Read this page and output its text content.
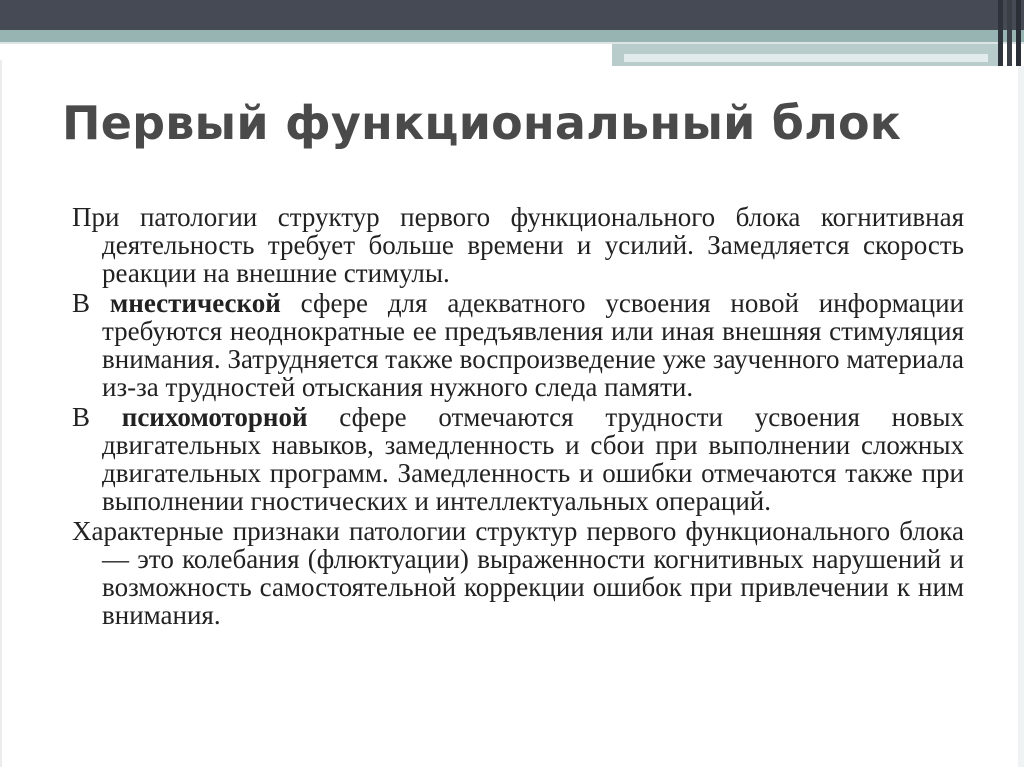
Первый функциональный блок

При патологии структур первого функционального блока когнитивная деятельность требует больше времени и усилий. Замедляется скорость реакции на внешние стимулы.

В мнестической сфере для адекватного усвоения новой информации требуются неоднократные ее предъявления или иная внешняя стимуляция внимания. Затрудняется также воспроизведение уже заученного материала из-за трудностей отыскания нужного следа памяти.

В психомоторной сфере отмечаются трудности усвоения новых двигательных навыков, замедленность и сбои при выполнении сложных двигательных программ. Замедленность и ошибки отмечаются также при выполнении гностических и интеллектуальных операций.

Характерные признаки патологии структур первого функционального блока — это колебания (флюктуации) выраженности когнитивных нарушений и возможность самостоятельной коррекции ошибок при привлечении к ним внимания.
